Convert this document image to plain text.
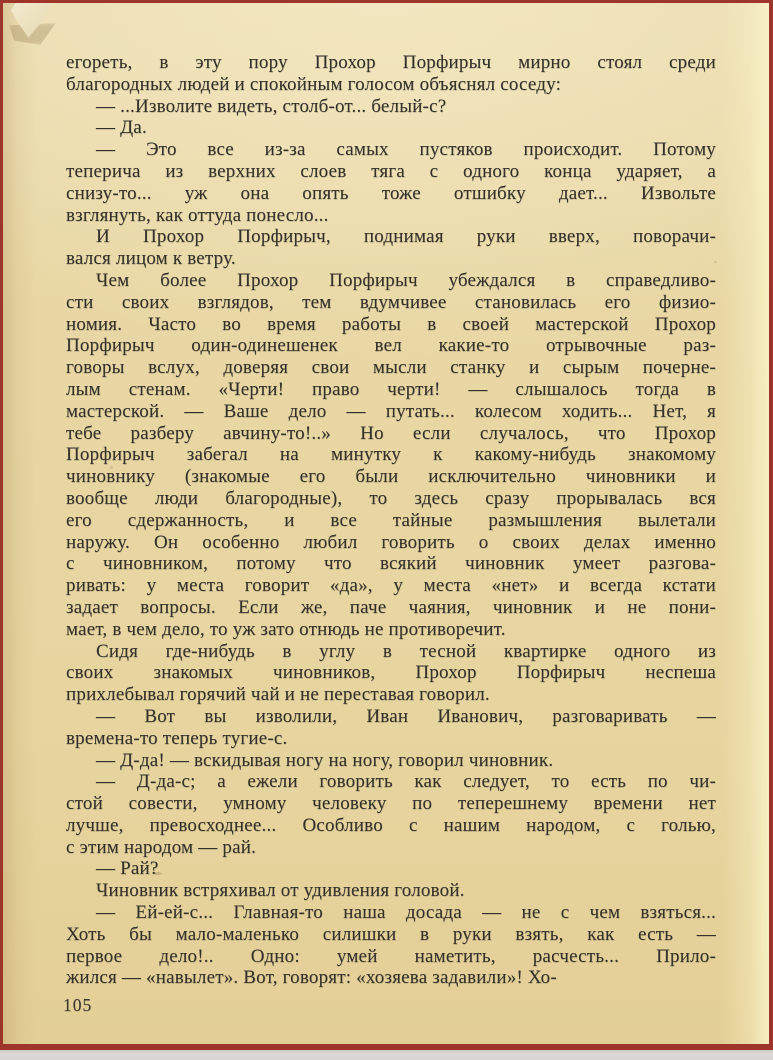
егореть, в эту пору Прохор Порфирыч мирно стоял среди
благородных людей и спокойным голосом объяснял соседу:
— ...Изволите видеть, столб-от... белый-с?
— Да.
— Это все из-за самых пустяков происходит. Потому
теперича из верхних слоев тяга с одного конца ударяет, а
снизу-то... уж она опять тоже отшибку дает... Извольте
взглянуть, как оттуда понесло...
И Прохор Порфирыч, поднимая руки вверх, поворачи-
вался лицом к ветру.
Чем более Прохор Порфирыч убеждался в справедливо-
сти своих взглядов, тем вдумчивее становилась его физио-
номия. Часто во время работы в своей мастерской Прохор
Порфирыч один-одинешенек вел какие-то отрывочные раз-
говоры вслух, доверяя свои мысли станку и сырым почерне-
лым стенам. «Черти! право черти! — слышалось тогда в
мастерской. — Ваше дело — путать... колесом ходить... Нет, я
тебе разберу авчину-то!..» Но если случалось, что Прохор
Порфирыч забегал на минутку к какому-нибудь знакомому
чиновнику (знакомые его были исключительно чиновники и
вообще люди благородные), то здесь сразу прорывалась вся
его сдержанность, и все тайные размышления вылетали
наружу. Он особенно любил говорить о своих делах именно
с чиновником, потому что всякий чиновник умеет разгова-
ривать: у места говорит «да», у места «нет» и всегда кстати
задает вопросы. Если же, паче чаяния, чиновник и не пони-
мает, в чем дело, то уж зато отнюдь не противоречит.
Сидя где-нибудь в углу в тесной квартирке одного из
своих знакомых чиновников, Прохор Порфирыч неспеша
прихлебывал горячий чай и не переставая говорил.
— Вот вы изволили, Иван Иванович, разговаривать —
времена-то теперь тугие-с.
— Д-да! — вскидывая ногу на ногу, говорил чиновник.
— Д-да-с; а ежели говорить как следует, то есть по чи-
стой совести, умному человеку по теперешнему времени нет
лучше, превосходнее... Особливо с нашим народом, с голью,
с этим народом — рай.
— Рай?
Чиновник встряхивал от удивления головой.
— Ей-ей-с... Главная-то наша досада — не с чем взяться...
Хоть бы мало-маленько силишки в руки взять, как есть —
первое дело!.. Одно: умей наметить, расчесть... Прило-
жился — «навылет». Вот, говорят: «хозяева задавили»! Хо-
105
